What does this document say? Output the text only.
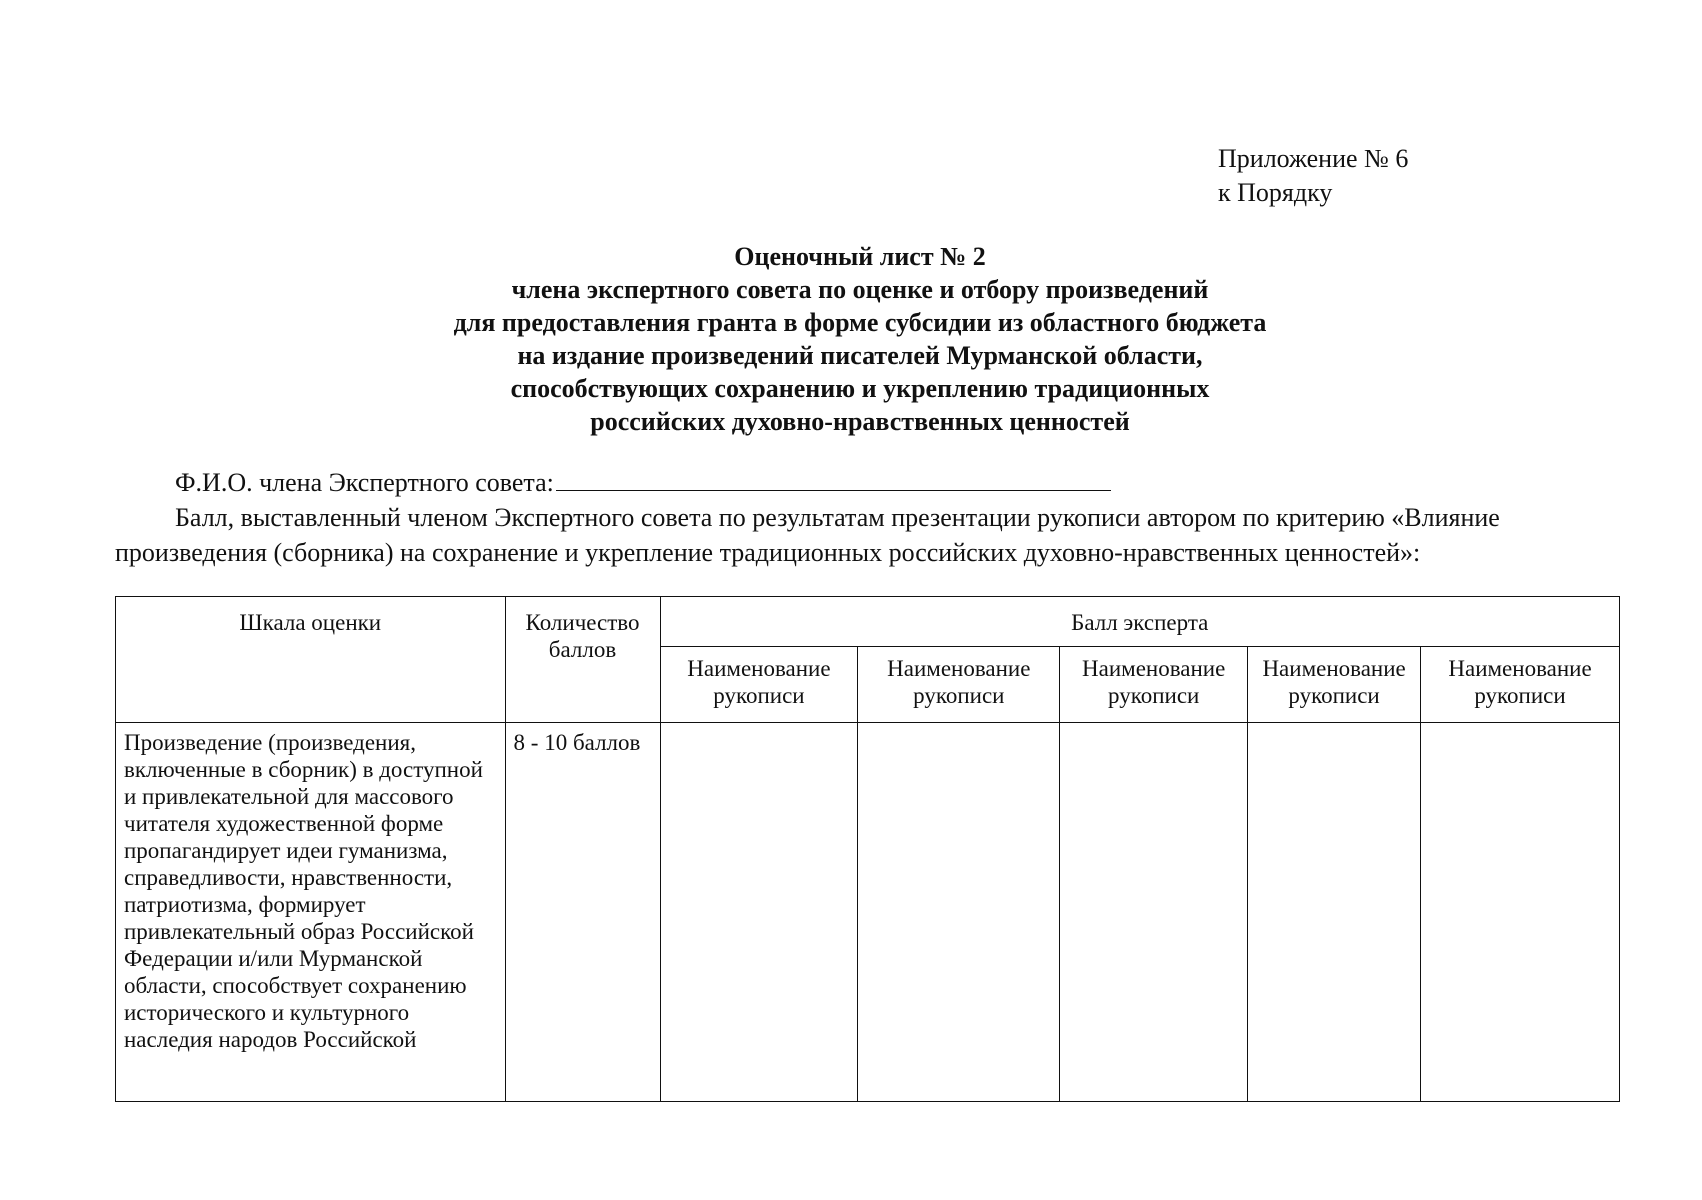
Приложение № 6
к Порядку
Оценочный лист № 2
члена экспертного совета по оценке и отбору произведений
для предоставления гранта в форме субсидии из областного бюджета
на издание произведений писателей Мурманской области,
способствующих сохранению и укреплению традиционных
российских духовно-нравственных ценностей
Ф.И.О. члена Экспертного совета:
Балл, выставленный членом Экспертного совета по результатам презентации рукописи автором по критерию «Влияние произведения (сборника) на сохранение и укрепление традиционных российских духовно-нравственных ценностей»:
Шкала оценки	Количество баллов	Балл эксперта				
		Наименование рукописи	Наименование рукописи	Наименование рукописи	Наименование рукописи	Наименование рукописи
Произведение (произведения, включенные в сборник) в доступной и привлекательной для массового читателя художественной форме пропагандирует идеи гуманизма, справедливости, нравственности, патриотизма, формирует привлекательный образ Российской Федерации и/или Мурманской области, способствует сохранению исторического и культурного наследия народов Российской	8 - 10 баллов					
